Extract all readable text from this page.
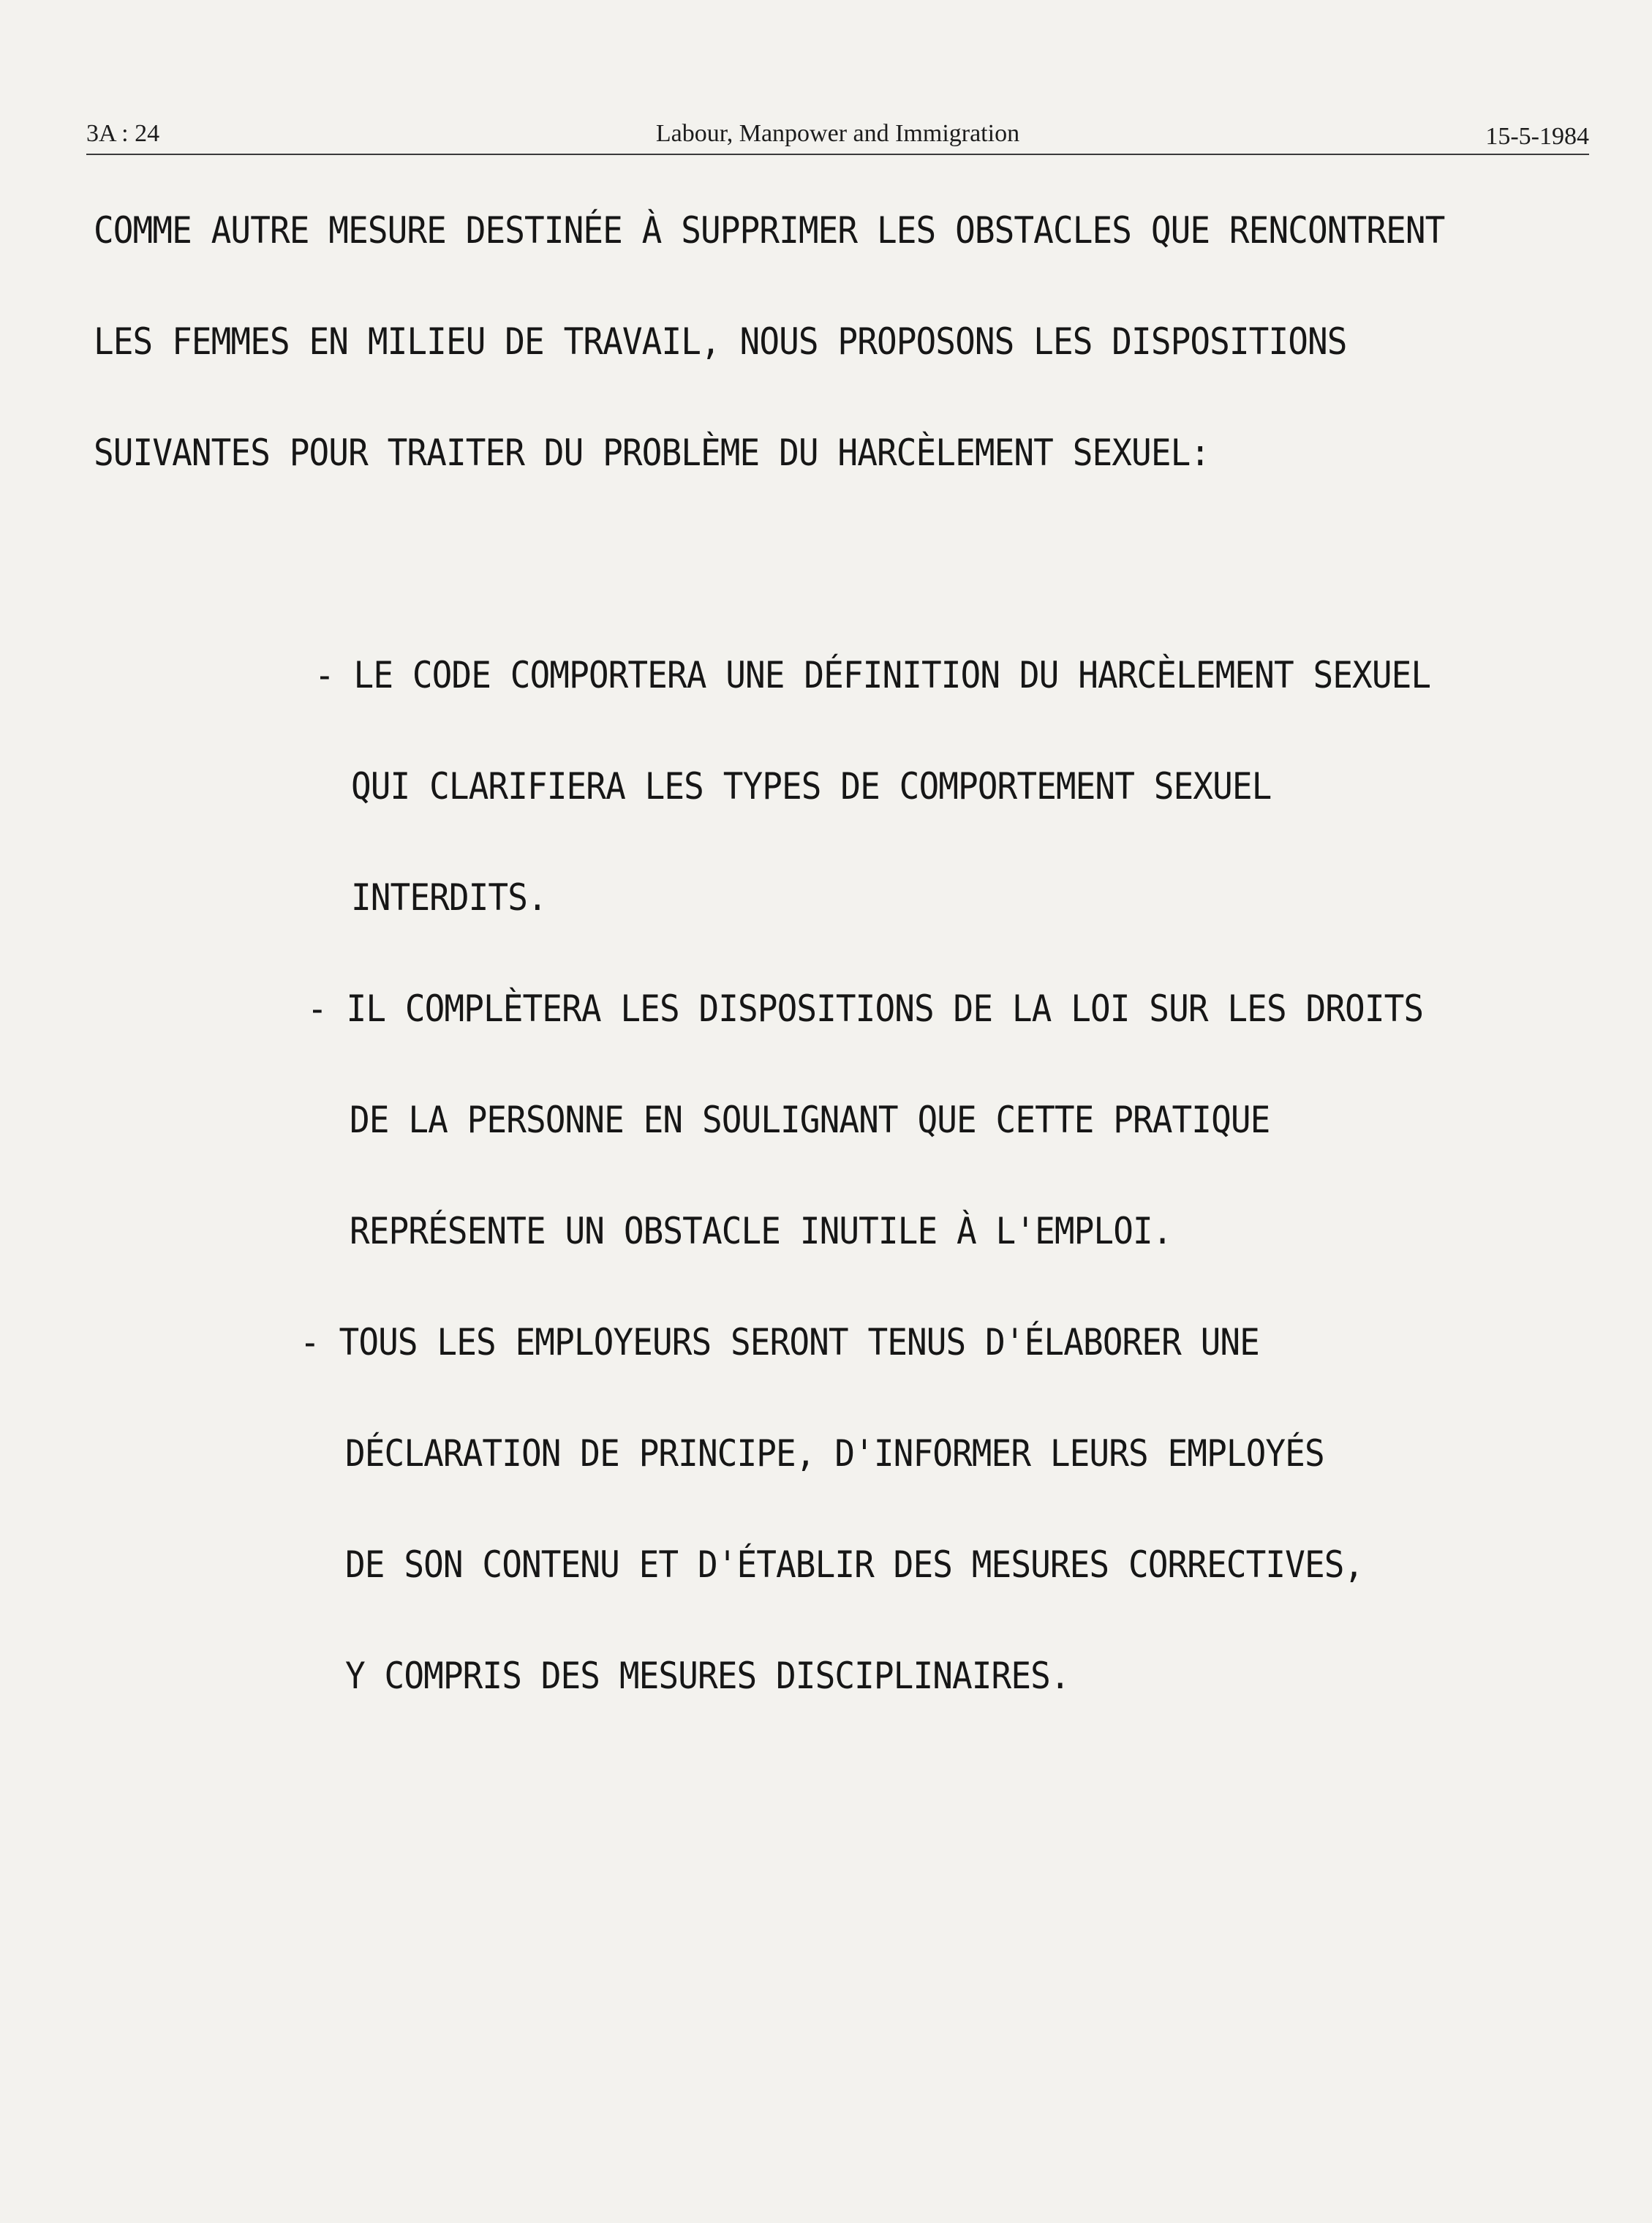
3A : 24	Labour, Manpower and Immigration	15-5-1984
COMME AUTRE MESURE DESTINÉE À SUPPRIMER LES OBSTACLES QUE RENCONTRENT
LES FEMMES EN MILIEU DE TRAVAIL, NOUS PROPOSONS LES DISPOSITIONS
SUIVANTES POUR TRAITER DU PROBLÈME DU HARCÈLEMENT SEXUEL:
- LE CODE COMPORTERA UNE DÉFINITION DU HARCÈLEMENT SEXUEL
QUI CLARIFIERA LES TYPES DE COMPORTEMENT SEXUEL
INTERDITS.
- IL COMPLÈTERA LES DISPOSITIONS DE LA LOI SUR LES DROITS
DE LA PERSONNE EN SOULIGNANT QUE CETTE PRATIQUE
REPRÉSENTE UN OBSTACLE INUTILE À L'EMPLOI.
- TOUS LES EMPLOYEURS SERONT TENUS D'ÉLABORER UNE
DÉCLARATION DE PRINCIPE, D'INFORMER LEURS EMPLOYÉS
DE SON CONTENU ET D'ÉTABLIR DES MESURES CORRECTIVES,
Y COMPRIS DES MESURES DISCIPLINAIRES.
